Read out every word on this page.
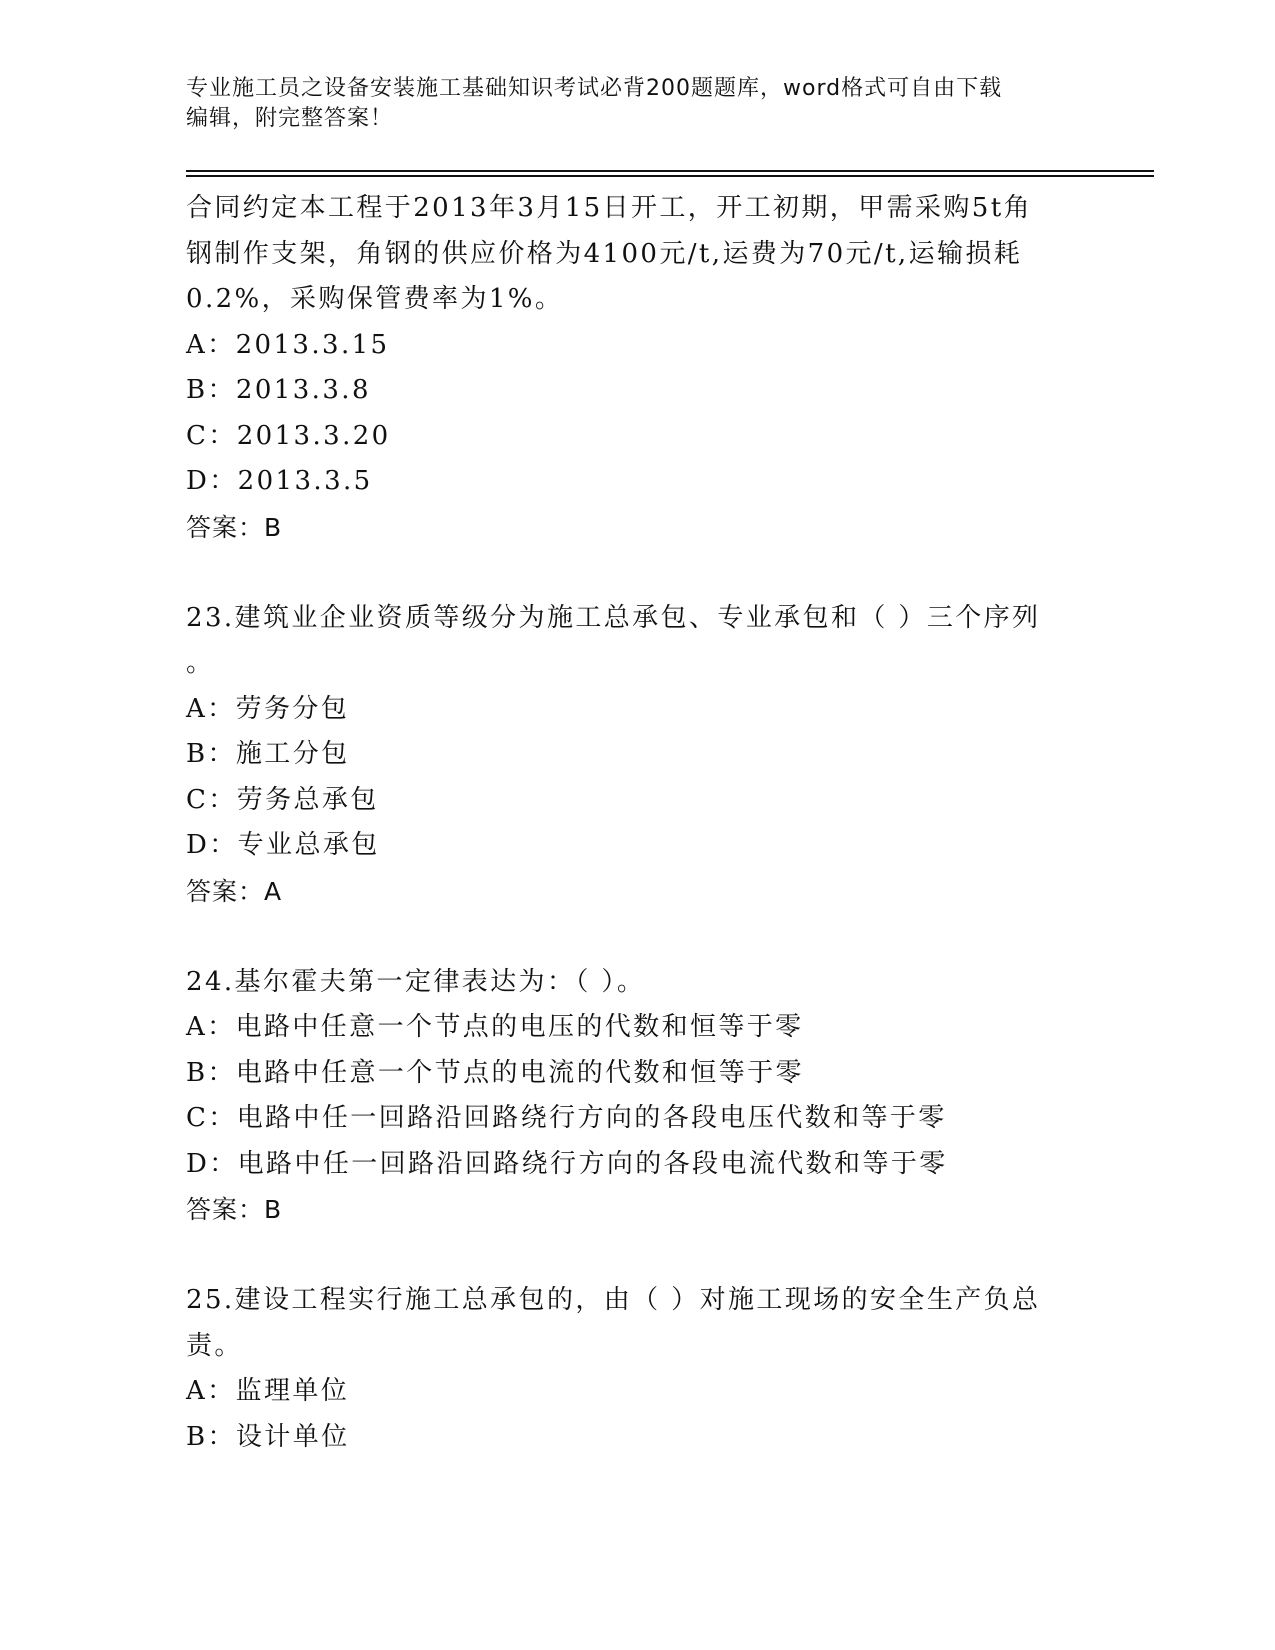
专业施工员之设备安装施工基础知识考试必背200题题库，word格式可自由下载
编辑，附完整答案！
合同约定本工程于2013年3月15日开工，开工初期，甲需采购5t角
钢制作支架，角钢的供应价格为4100元/t,运费为70元/t,运输损耗
0.2%，采购保管费率为1%。
A：2013.3.15
B：2013.3.8
C：2013.3.20
D：2013.3.5
答案：B
23.建筑业企业资质等级分为施工总承包、专业承包和（ ）三个序列
。
A：劳务分包
B：施工分包
C：劳务总承包
D：专业总承包
答案：A
24.基尔霍夫第一定律表达为：（ ）。
A：电路中任意一个节点的电压的代数和恒等于零
B：电路中任意一个节点的电流的代数和恒等于零
C：电路中任一回路沿回路绕行方向的各段电压代数和等于零
D：电路中任一回路沿回路绕行方向的各段电流代数和等于零
答案：B
25.建设工程实行施工总承包的，由（ ）对施工现场的安全生产负总
责。
A：监理单位
B：设计单位
